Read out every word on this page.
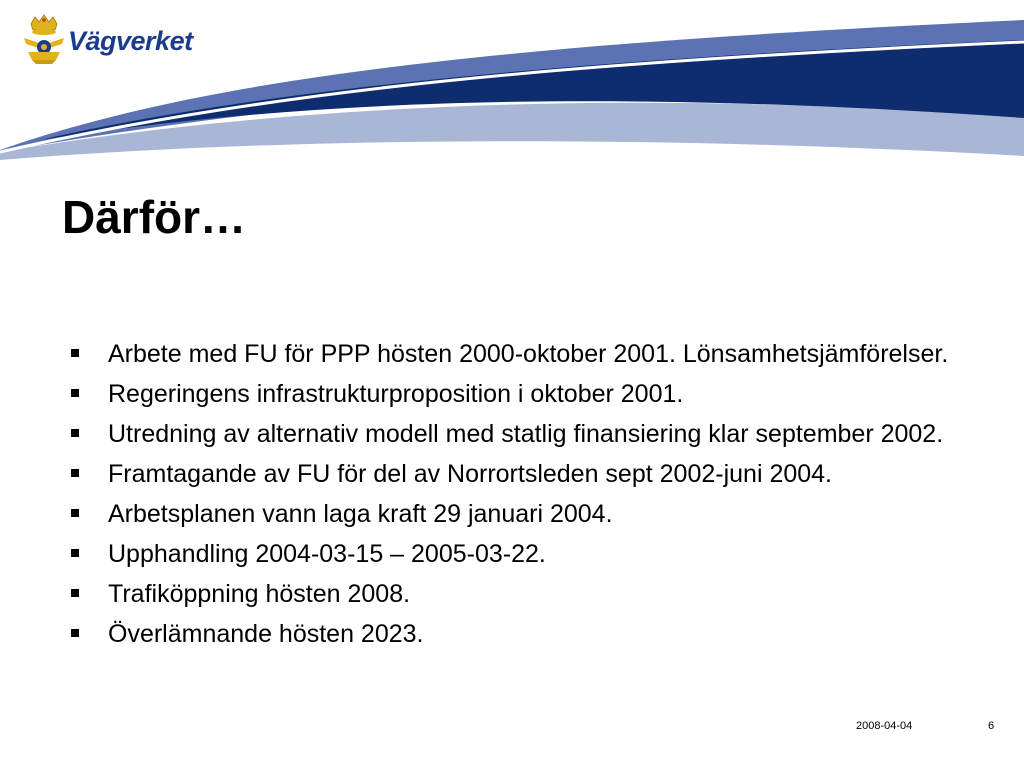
Vägverket
Därför…
Arbete med FU för PPP hösten 2000-oktober 2001. Lönsamhetsjämförelser.
Regeringens infrastrukturproposition i oktober 2001.
Utredning av alternativ modell med statlig finansiering klar september 2002.
Framtagande av FU för del av Norrortsleden sept 2002-juni 2004.
Arbetsplanen vann laga kraft 29 januari 2004.
Upphandling 2004-03-15 – 2005-03-22.
Trafiköppning hösten 2008.
Överlämnande hösten 2023.
2008-04-04	6
